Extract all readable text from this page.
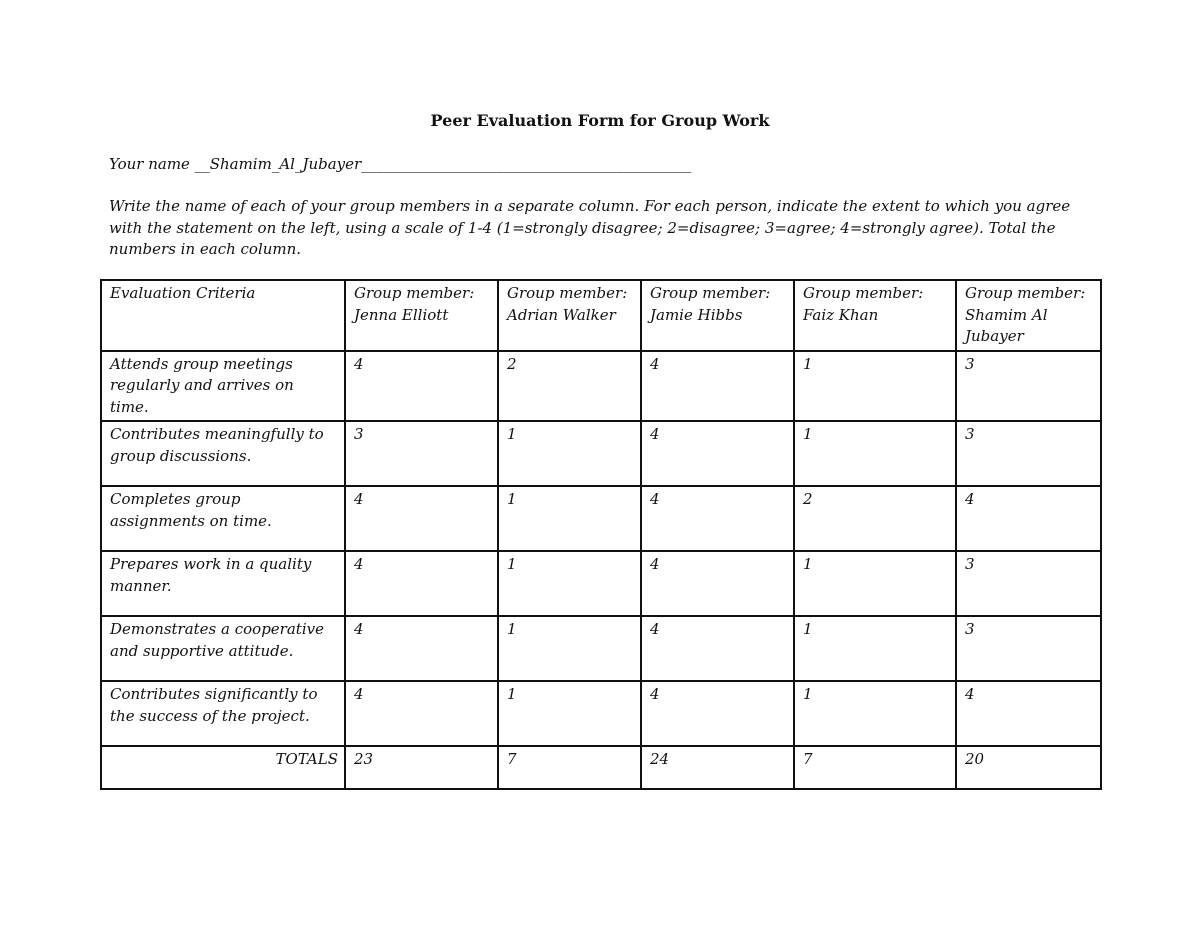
Peer Evaluation Form for Group Work
Your name __Shamim_Al_Jubayer____________________________________________
Write the name of each of your group members in a separate column. For each person, indicate the extent to which you agree with the statement on the left, using a scale of 1-4 (1=strongly disagree; 2=disagree; 3=agree; 4=strongly agree). Total the numbers in each column.
Evaluation Criteria	Group member: Jenna Elliott	Group member: Adrian Walker	Group member: Jamie Hibbs	Group member: Faiz Khan	Group member: Shamim Al Jubayer
Attends group meetings regularly and arrives on time.	4	2	4	1	3
Contributes meaningfully to group discussions.	3	1	4	1	3
Completes group assignments on time.	4	1	4	2	4
Prepares work in a quality manner.	4	1	4	1	3
Demonstrates a cooperative and supportive attitude.	4	1	4	1	3
Contributes significantly to the success of the project.	4	1	4	1	4
TOTALS	23	7	24	7	20
